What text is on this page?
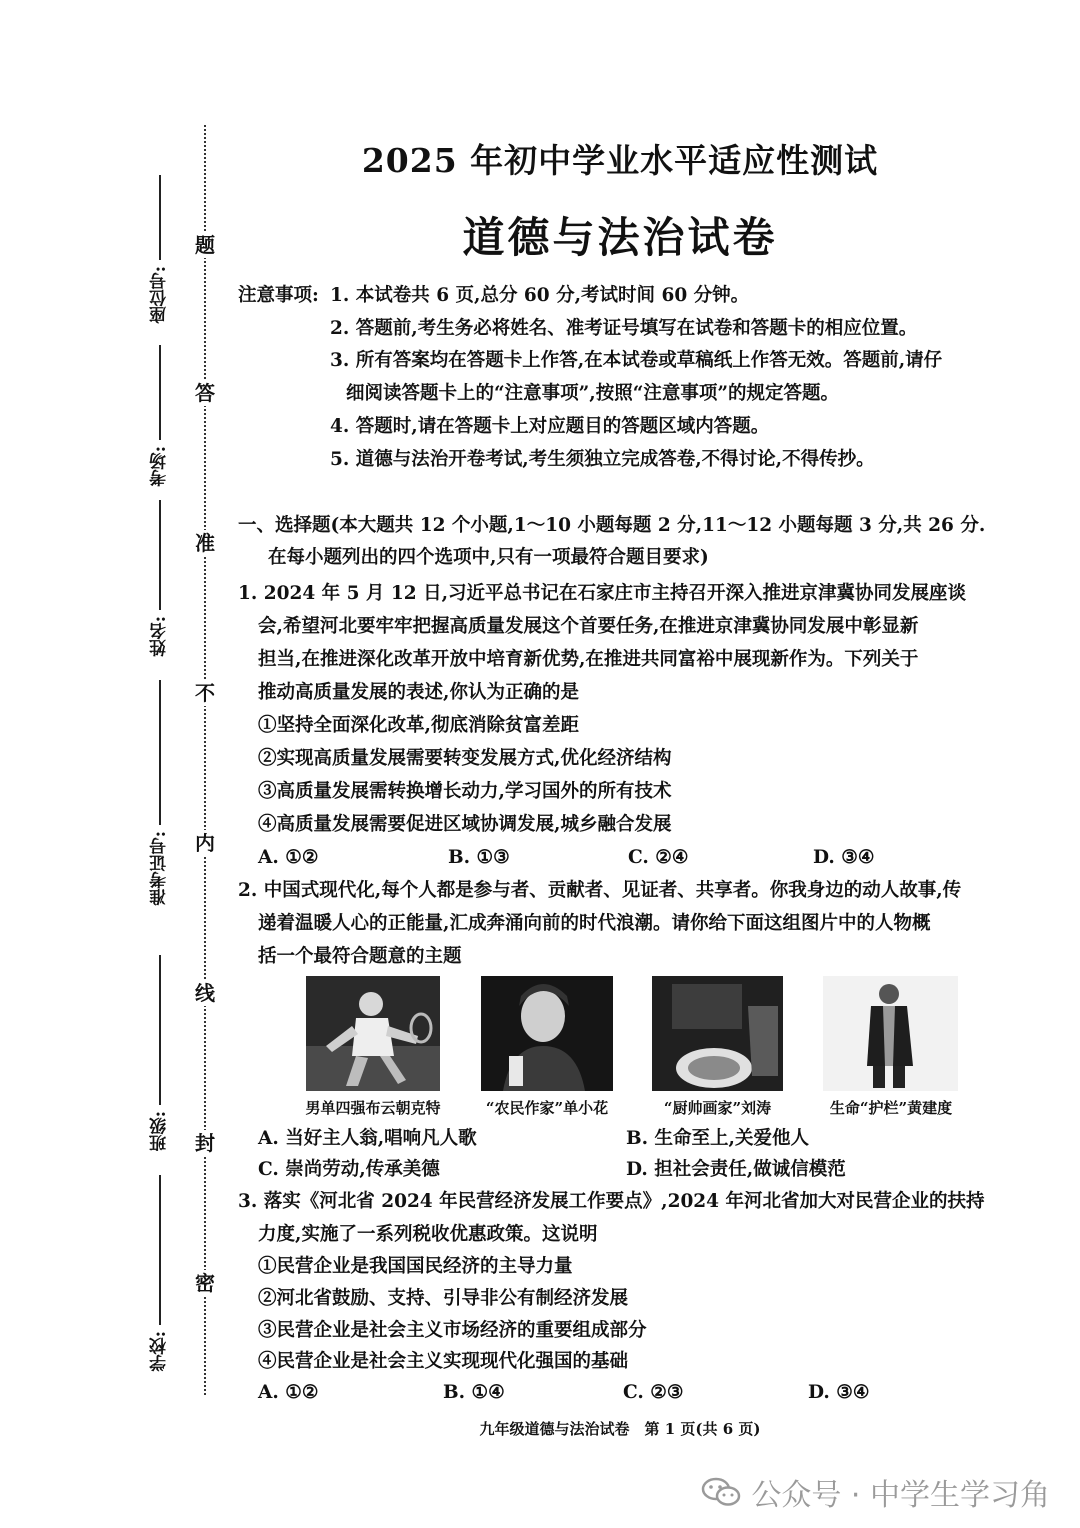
题
答
准
不
内
线
封
密
座位号:
考场:
姓名:
准考证号:
班级:
学校:
2025 年初中学业水平适应性测试
道德与法治试卷
注意事项: 1. 本试卷共 6 页,总分 60 分,考试时间 60 分钟。
2. 答题前,考生务必将姓名、准考证号填写在试卷和答题卡的相应位置。
3. 所有答案均在答题卡上作答,在本试卷或草稿纸上作答无效。答题前,请仔
细阅读答题卡上的“注意事项”,按照“注意事项”的规定答题。
4. 答题时,请在答题卡上对应题目的答题区域内答题。
5. 道德与法治开卷考试,考生须独立完成答卷,不得讨论,不得传抄。
一、选择题(本大题共 12 个小题,1～10 小题每题 2 分,11～12 小题每题 3 分,共 26 分.
在每小题列出的四个选项中,只有一项最符合题目要求)
1. 2024 年 5 月 12 日,习近平总书记在石家庄市主持召开深入推进京津冀协同发展座谈
会,希望河北要牢牢把握高质量发展这个首要任务,在推进京津冀协同发展中彰显新
担当,在推进深化改革开放中培育新优势,在推进共同富裕中展现新作为。下列关于
推动高质量发展的表述,你认为正确的是
①坚持全面深化改革,彻底消除贫富差距
②实现高质量发展需要转变发展方式,优化经济结构
③高质量发展需转换增长动力,学习国外的所有技术
④高质量发展需要促进区域协调发展,城乡融合发展
A. ①②	B. ①③	C. ②④	D. ③④
2. 中国式现代化,每个人都是参与者、贡献者、见证者、共享者。你我身边的动人故事,传
递着温暖人心的正能量,汇成奔涌向前的时代浪潮。请你给下面这组图片中的人物概
括一个最符合题意的主题
男单四强布云朝克特	“农民作家”单小花	“厨帅画家”刘涛	生命“护栏”黄建度
A. 当好主人翁,唱响凡人歌	B. 生命至上,关爱他人
C. 崇尚劳动,传承美德	D. 担社会责任,做诚信模范
3. 落实《河北省 2024 年民营经济发展工作要点》,2024 年河北省加大对民营企业的扶持
力度,实施了一系列税收优惠政策。这说明
①民营企业是我国国民经济的主导力量
②河北省鼓励、支持、引导非公有制经济发展
③民营企业是社会主义市场经济的重要组成部分
④民营企业是社会主义实现现代化强国的基础
A. ①②	B. ①④	C. ②③	D. ③④
九年级道德与法治试卷　第 1 页(共 6 页)
公众号 · 中学生学习角
